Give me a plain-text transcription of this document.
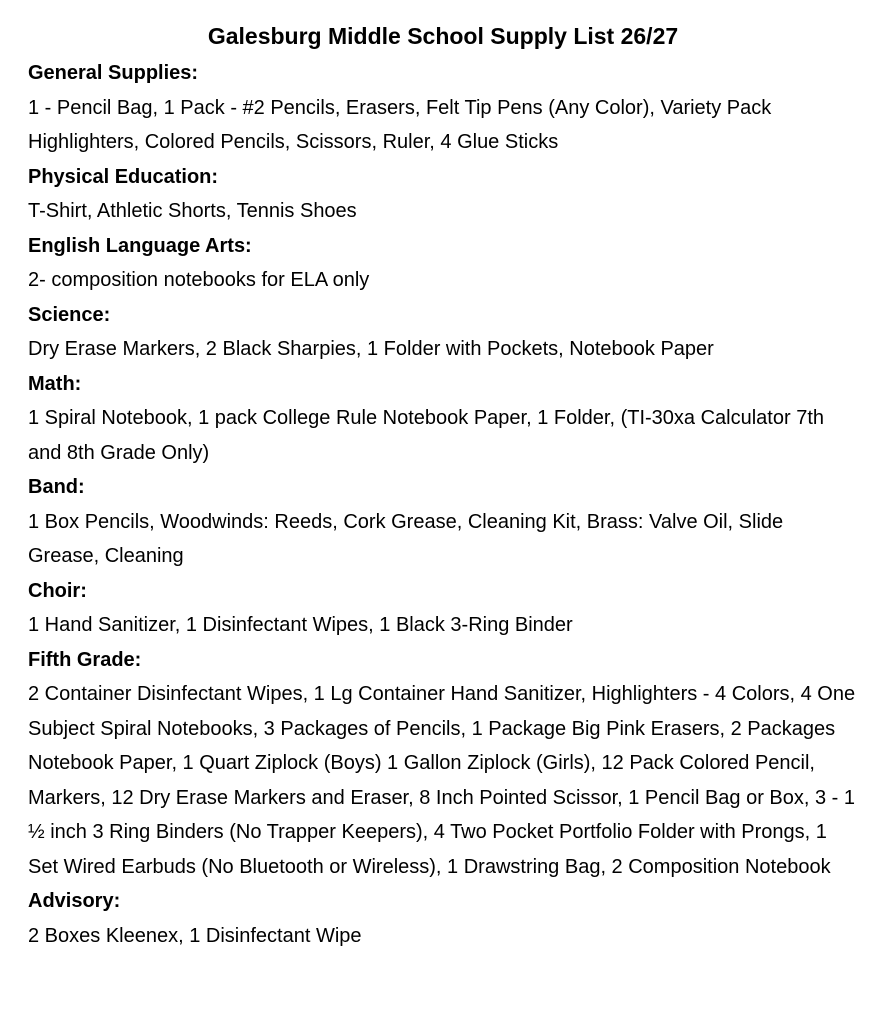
Galesburg Middle School Supply List 26/27

General Supplies:

1 - Pencil Bag, 1 Pack - #2 Pencils, Erasers, Felt Tip Pens (Any Color), Variety Pack Highlighters, Colored Pencils, Scissors, Ruler, 4 Glue Sticks

Physical Education:

T-Shirt, Athletic Shorts, Tennis Shoes

English Language Arts:

2- composition notebooks for ELA only

Science:

Dry Erase Markers, 2 Black Sharpies, 1 Folder with Pockets, Notebook Paper

Math:

1 Spiral Notebook, 1 pack College Rule Notebook Paper, 1 Folder, (TI-30xa Calculator 7th and 8th Grade Only)

Band:

1 Box Pencils, Woodwinds: Reeds, Cork Grease, Cleaning Kit, Brass: Valve Oil, Slide Grease, Cleaning

Choir:

1 Hand Sanitizer, 1 Disinfectant Wipes, 1 Black 3-Ring Binder

Fifth Grade:

2 Container Disinfectant Wipes, 1 Lg Container Hand Sanitizer, Highlighters - 4 Colors, 4 One Subject Spiral Notebooks, 3 Packages of Pencils, 1 Package Big Pink Erasers, 2 Packages Notebook Paper, 1 Quart Ziplock (Boys) 1 Gallon Ziplock (Girls), 12 Pack Colored Pencil, Markers, 12 Dry Erase Markers and Eraser, 8 Inch Pointed Scissor, 1 Pencil Bag or Box, 3 - 1 ½ inch 3 Ring Binders (No Trapper Keepers), 4 Two Pocket Portfolio Folder with Prongs, 1 Set Wired Earbuds (No Bluetooth or Wireless), 1 Drawstring Bag, 2 Composition Notebook

Advisory:

2 Boxes Kleenex, 1 Disinfectant Wipe
